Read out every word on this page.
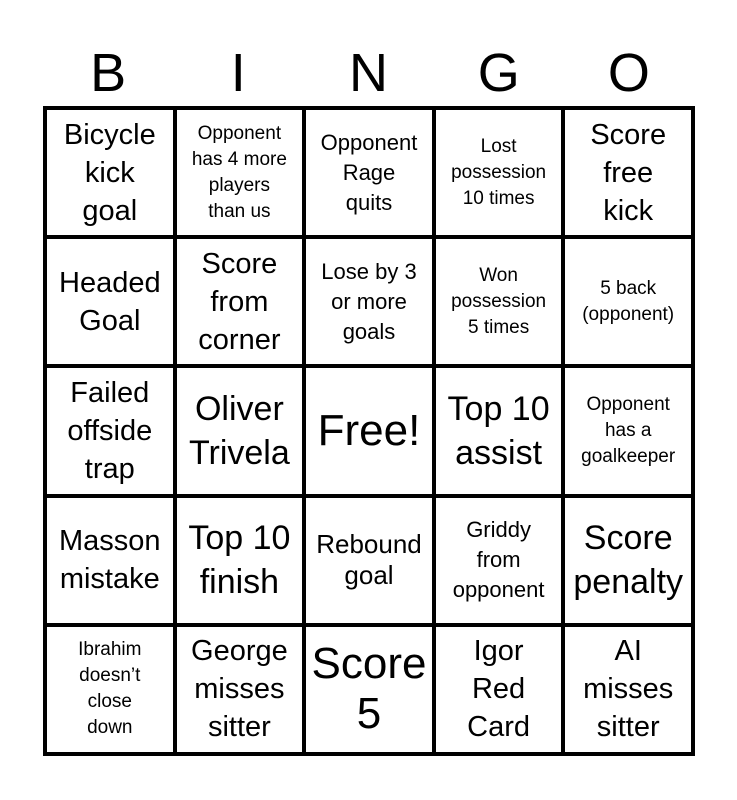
B	I	N	G	O
Bicycle
kick
goal
Opponent
has 4 more
players
than us
Opponent
Rage
quits
Lost
possession
10 times
Score
free
kick
Headed
Goal
Score
from
corner
Lose by 3
or more
goals
Won
possession
5 times
5 back
(opponent)
Failed
offside
trap
Oliver
Trivela Free! Top 10
assist
Opponent
has a
goalkeeper
Masson
mistake
Top 10
finish
Rebound
goal
Griddy
from
opponent
Score
penalty
Ibrahim
doesn’t
close
down
George
misses
sitter
Score
5
Igor
Red
Card
AI
misses
sitter
